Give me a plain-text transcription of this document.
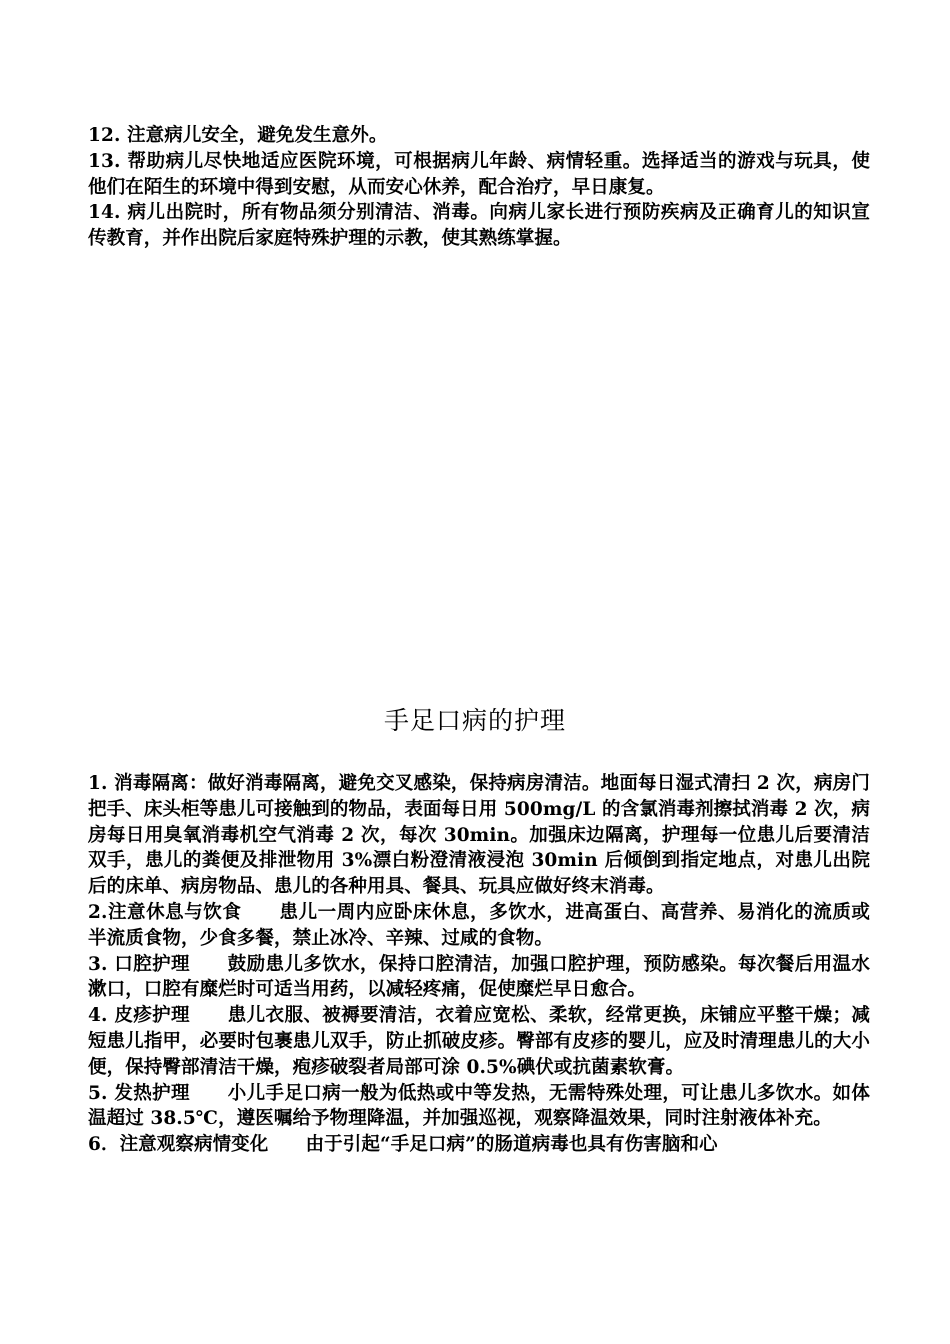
12. 注意病儿安全，避免发生意外。

13. 帮助病儿尽快地适应医院环境，可根据病儿年龄、病情轻重。选择适当的游戏与玩具，使他们在陌生的环境中得到安慰，从而安心休养，配合治疗，早日康复。

14. 病儿出院时，所有物品须分别清洁、消毒。向病儿家长进行预防疾病及正确育儿的知识宣传教育，并作出院后家庭特殊护理的示教，使其熟练掌握。

手足口病的护理

1. 消毒隔离：做好消毒隔离，避免交叉感染，保持病房清洁。地面每日湿式清扫 2 次，病房门把手、床头柜等患儿可接触到的物品，表面每日用 500mg/L 的含氯消毒剂擦拭消毒 2 次，病房每日用臭氧消毒机空气消毒 2 次，每次 30min。加强床边隔离，护理每一位患儿后要清洁双手，患儿的粪便及排泄物用 3%漂白粉澄清液浸泡 30min 后倾倒到指定地点，对患儿出院后的床单、病房物品、患儿的各种用具、餐具、玩具应做好终末消毒。

2.注意休息与饮食　　患儿一周内应卧床休息，多饮水，进高蛋白、高营养、易消化的流质或半流质食物，少食多餐，禁止冰冷、辛辣、过咸的食物。

3. 口腔护理　　鼓励患儿多饮水，保持口腔清洁，加强口腔护理，预防感染。每次餐后用温水漱口，口腔有糜烂时可适当用药，以减轻疼痛，促使糜烂早日愈合。

4. 皮疹护理　　患儿衣服、被褥要清洁，衣着应宽松、柔软，经常更换，床铺应平整干燥；减短患儿指甲，必要时包裹患儿双手，防止抓破皮疹。臀部有皮疹的婴儿，应及时清理患儿的大小便，保持臀部清洁干燥，疱疹破裂者局部可涂 0.5%碘伏或抗菌素软膏。

5. 发热护理　　小儿手足口病一般为低热或中等发热，无需特殊处理，可让患儿多饮水。如体温超过 38.5℃，遵医嘱给予物理降温，并加强巡视，观察降温效果，同时注射液体补充。

6．注意观察病情变化　　由于引起“手足口病”的肠道病毒也具有伤害脑和心
